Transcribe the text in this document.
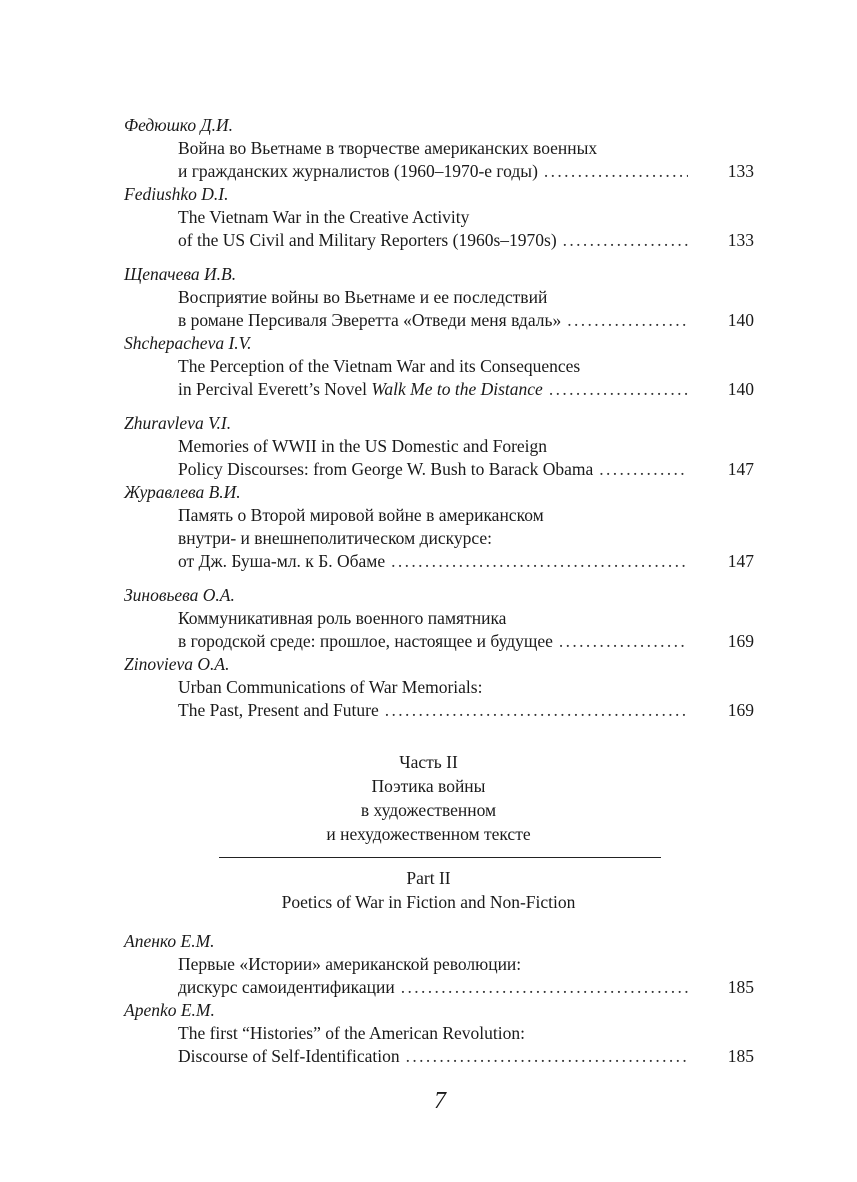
Федюшко Д.И.
Война во Вьетнаме в творчестве американских военных
и гражданских журналистов (1960–1970-е годы) . . .	133
Fediushko D.I.
The Vietnam War in the Creative Activity
of the US Civil and Military Reporters (1960s–1970s) . . .	133
Щепачева И.В.
Восприятие войны во Вьетнаме и ее последствий
в романе Персиваля Эверетта «Отведи меня вдаль» . . .	140
Shchepacheva I.V.
The Perception of the Vietnam War and its Consequences
in Percival Everett’s Novel Walk Me to the Distance . . .	140
Zhuravleva V.I.
Memories of WWII in the US Domestic and Foreign
Policy Discourses: from George W. Bush to Barack Obama . . .	147
Журавлева В.И.
Память о Второй мировой войне в американском
внутри- и внешнеполитическом дискурсе:
от Дж. Буша-мл. к Б. Обаме . . .	147
Зиновьева О.А.
Коммуникативная роль военного памятника
в городской среде: прошлое, настоящее и будущее . . .	169
Zinovieva O.A.
Urban Communications of War Memorials:
The Past, Present and Future . . .	169
Часть II
Поэтика войны
в художественном
и нехудожественном тексте
Part II
Poetics of War in Fiction and Non-Fiction
Апенко Е.М.
Первые «Истории» американской революции:
дискурс самоидентификации . . .	185
Apenko E.M.
The first “Histories” of the American Revolution:
Discourse of Self-Identification . . .	185
7
